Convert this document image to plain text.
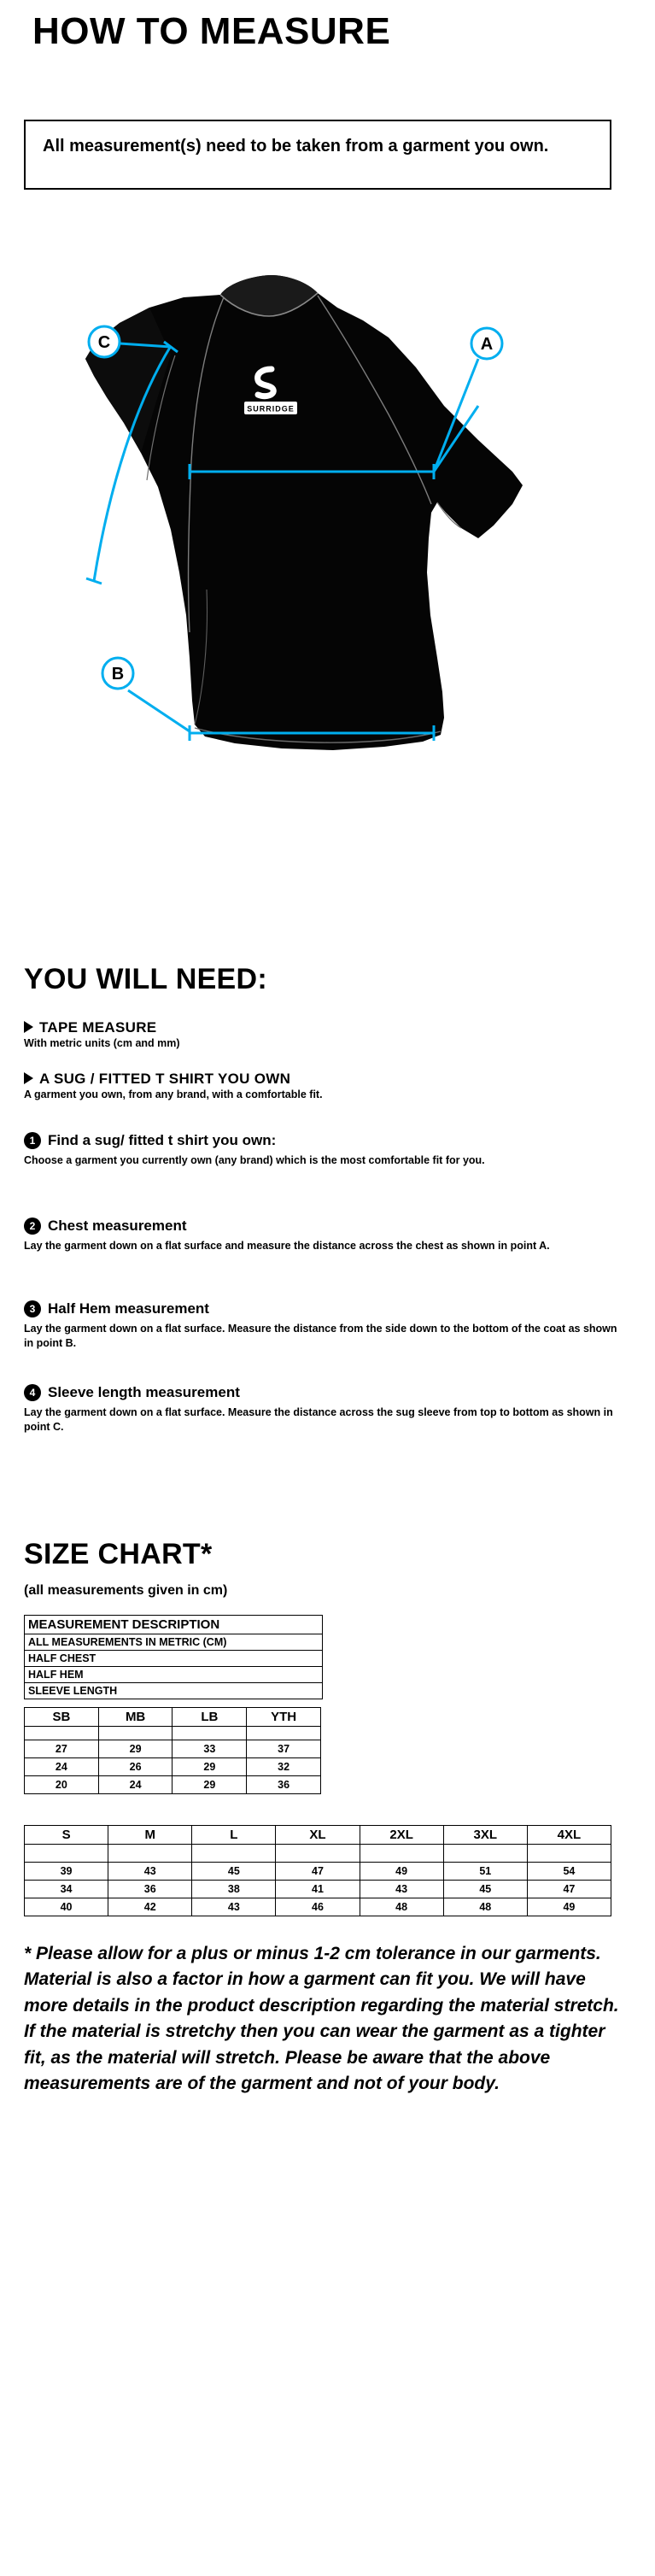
HOW TO MEASURE
All measurement(s) need to be taken from a garment you own.
SURRIDGE
A
B
C
YOU WILL NEED:
TAPE MEASURE
With metric units (cm and mm)
A SUG / FITTED T SHIRT YOU OWN
A garment you own, from any brand, with a comfortable fit.
1 Find a sug/ fitted t shirt you own:
Choose a garment you currently own (any brand) which is the most comfortable fit for you.
2 Chest measurement
Lay the garment down on a flat surface and measure the distance across the chest as shown in point A.
3 Half Hem measurement
Lay the garment down on a flat surface. Measure the distance from the side down to the bottom of the coat as shown in point B.
4 Sleeve length measurement
Lay the garment down on a flat surface. Measure the distance across the sug sleeve from top to bottom as shown in point C.
SIZE CHART*
(all measurements given in cm)
MEASUREMENT DESCRIPTION
ALL MEASUREMENTS IN METRIC (CM)
HALF CHEST
HALF HEM
SLEEVE LENGTH
SB	MB	LB	YTH

27	29	33	37
24	26	29	32
20	24	29	36
S	M	L	XL	2XL	3XL	4XL

39	43	45	47	49	51	54
34	36	38	41	43	45	47
40	42	43	46	48	48	49
* Please allow for a plus or minus 1-2 cm tolerance in our garments. Material is also a factor in how a garment can fit you. We will have more details in the product description regarding the material stretch. If the material is stretchy then you can wear the garment as a tighter fit, as the material will stretch. Please be aware that the above measurements are of the garment and not of your body.
